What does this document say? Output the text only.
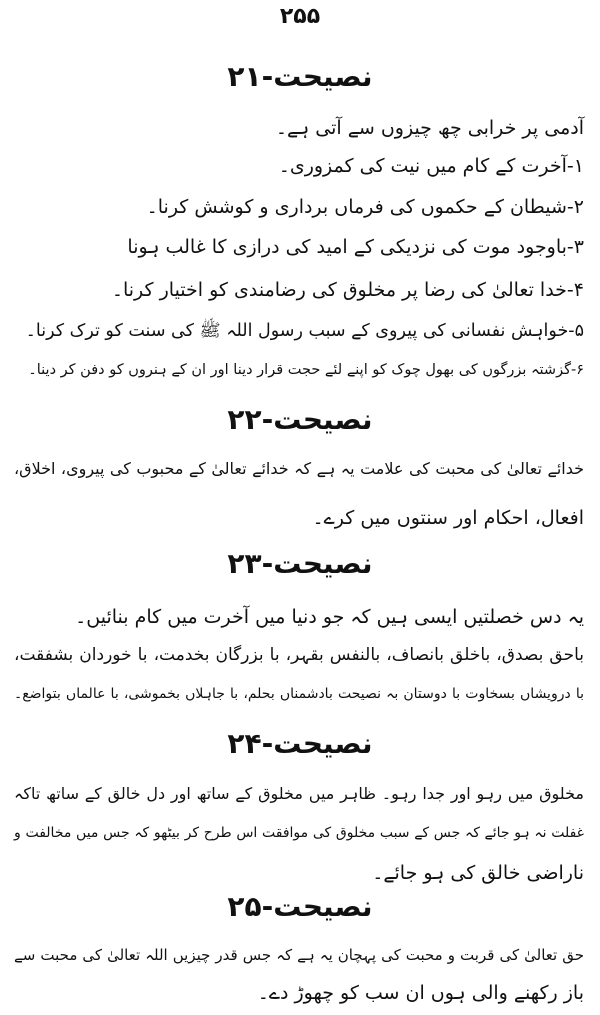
۲۵۵
نصیحت-۲۱
آدمی پر خرابی چھ چیزوں سے آتی ہے۔
۱-آخرت کے کام میں نیت کی کمزوری۔
۲-شیطان کے حکموں کی فرماں برداری و کوشش کرنا۔
۳-باوجود موت کی نزدیکی کے امید کی درازی کا غالب ہونا
۴-خدا تعالیٰ کی رضا پر مخلوق کی رضامندی کو اختیار کرنا۔
۵-خواہش نفسانی کی پیروی کے سبب رسول اللہ ﷺ کی سنت کو ترک کرنا۔
۶-گزشتہ بزرگوں کی بھول چوک کو اپنے لئے حجت قرار دینا اور ان کے ہنروں کو دفن کر دینا۔
نصیحت-۲۲
خدائے تعالیٰ کی محبت کی علامت یہ ہے کہ خدائے تعالیٰ کے محبوب کی پیروی، اخلاق،
افعال، احکام اور سنتوں میں کرے۔
نصیحت-۲۳
یہ دس خصلتیں ایسی ہیں کہ جو دنیا میں آخرت میں کام بنائیں۔
باحق بصدق، باخلق بانصاف، بالنفس بقہر، با بزرگان بخدمت، با خوردان بشفقت،
با درویشاں بسخاوت با دوستان بہ نصیحت بادشمناں بحلم، با جاہلاں بخموشی، با عالماں بتواضع۔
نصیحت-۲۴
مخلوق میں رہو اور جدا رہو۔ ظاہر میں مخلوق کے ساتھ اور دل خالق کے ساتھ تاکہ
غفلت نہ ہو جائے کہ جس کے سبب مخلوق کی موافقت اس طرح کر بیٹھو کہ جس میں مخالفت و
ناراضی خالق کی ہو جائے۔
نصیحت-۲۵
حق تعالیٰ کی قربت و محبت کی پہچان یہ ہے کہ جس قدر چیزیں اللہ تعالیٰ کی محبت سے
باز رکھنے والی ہوں ان سب کو چھوڑ دے۔
